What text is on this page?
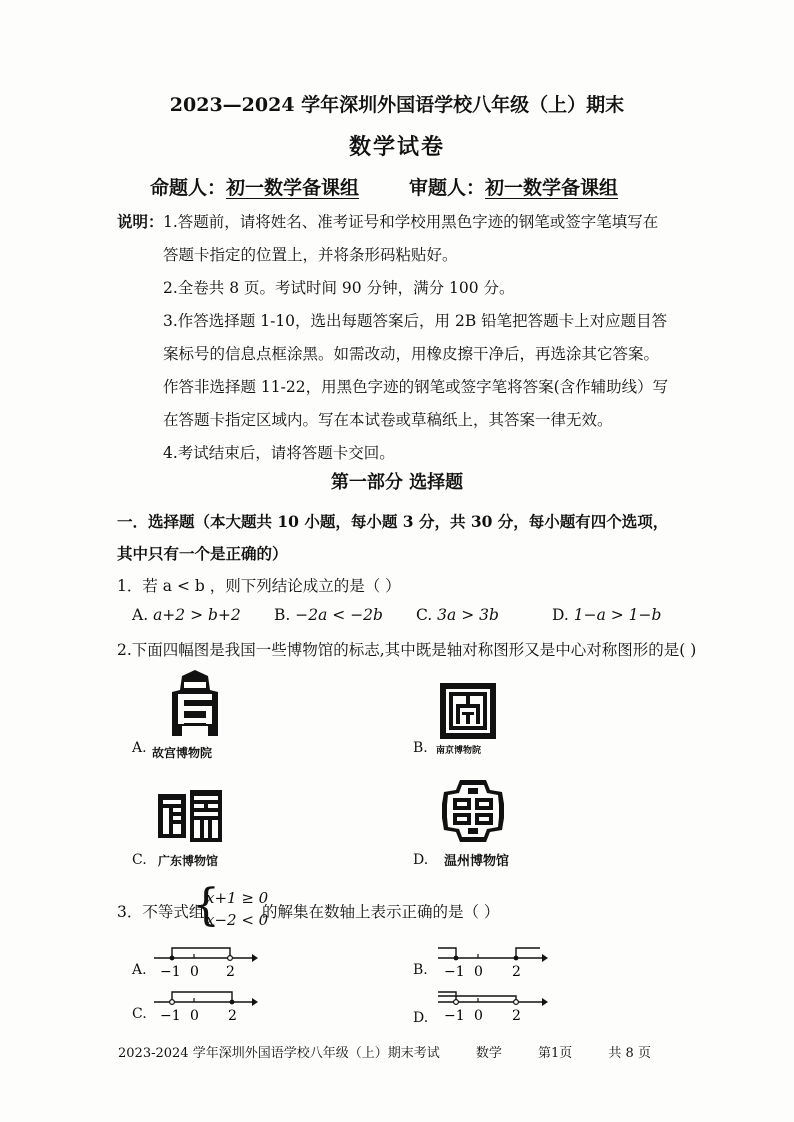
2023—2024 学年深圳外国语学校八年级（上）期末
数学试卷
命题人：初一数学备课组	审题人：初一数学备课组
说明： 1.答题前，请将姓名、准考证号和学校用黑色字迹的钢笔或签字笔填写在
答题卡指定的位置上，并将条形码粘贴好。
2.全卷共 8 页。考试时间 90 分钟，满分 100 分。
3.作答选择题 1-10，选出每题答案后，用 2B 铅笔把答题卡上对应题目答
案标号的信息点框涂黑。如需改动，用橡皮擦干净后，再选涂其它答案。
作答非选择题 11-22，用黑色字迹的钢笔或签字笔将答案(含作辅助线）写
在答题卡指定区域内。写在本试卷或草稿纸上，其答案一律无效。
4.考试结束后，请将答题卡交回。
第一部分 选择题
一．选择题（本大题共 10 小题，每小题 3 分，共 30 分，每小题有四个选项，
其中只有一个是正确的）
1．若 a < b ，则下列结论成立的是（ ）
A. a+2 > b+2 B. −2a < −2b C. 3a > 3b	D. 1−a > 1−b
2.下面四幅图是我国一些博物馆的标志,其中既是轴对称图形又是中心对称图形的是( )
A. 故宫博物院	B. 南京博物院
C. 广东博物馆	D. 温州博物馆
3．不等式组
{
x+1 ≥ 0
x−2 < 0
的解集在数轴上表示正确的是（ ）
A. −1 0 2	B. −1 0 2
C. −1 0 2	D. −1 0 2
2023-2024 学年深圳外国语学校八年级（上）期末考试	数学	第1页	共 8 页
